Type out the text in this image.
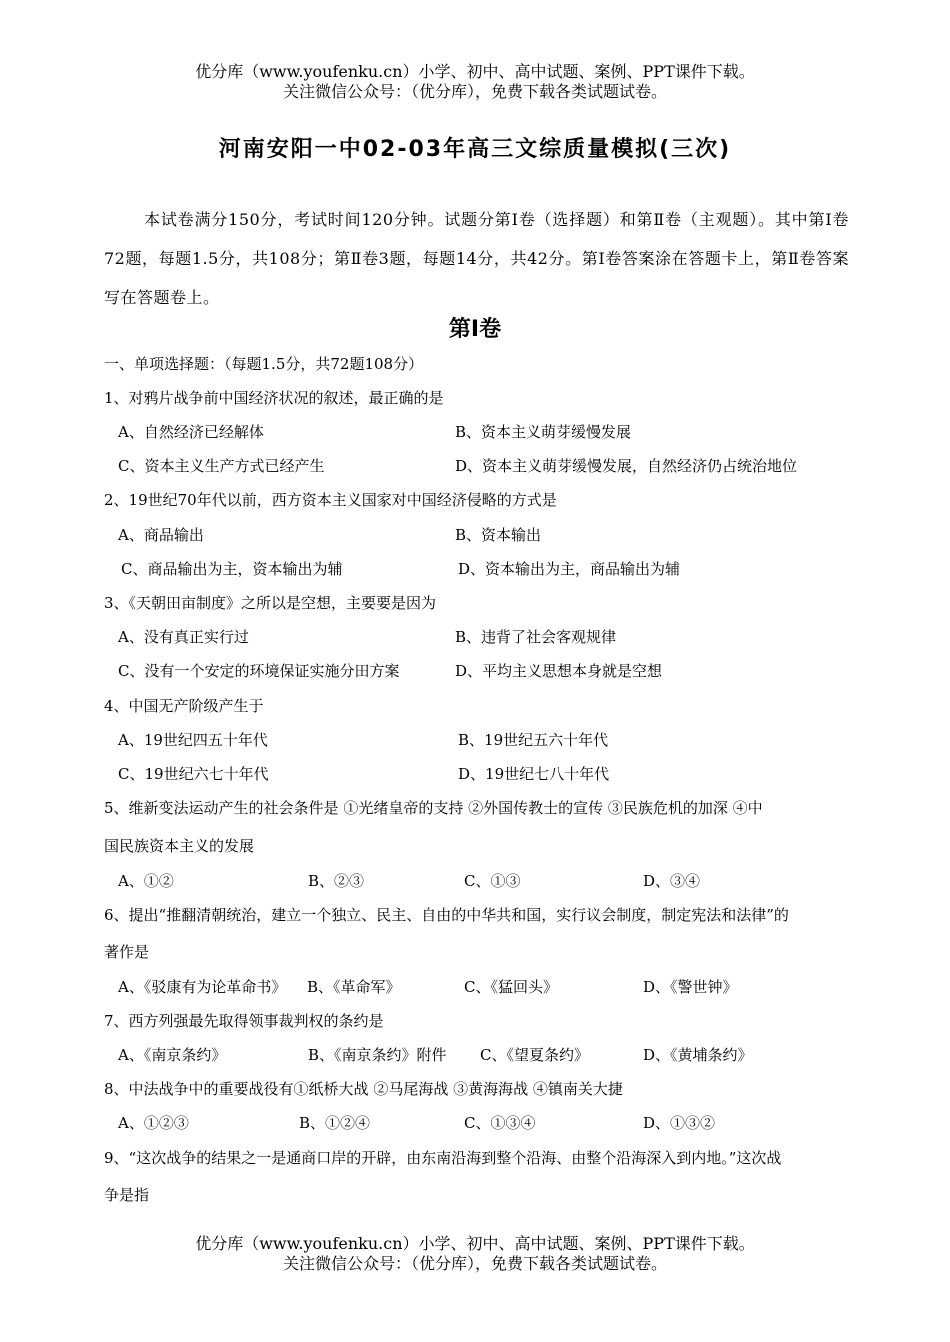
优分库（www.youfenku.cn）小学、初中、高中试题、案例、PPT课件下载。
关注微信公众号：（优分库），免费下载各类试题试卷。
河南安阳一中02-03年高三文综质量模拟(三次)
本试卷满分150分，考试时间120分钟。试题分第Ⅰ卷（选择题）和第Ⅱ卷（主观题）。其中第Ⅰ卷72题，每题1.5分，共108分；第Ⅱ卷3题，每题14分，共42分。第Ⅰ卷答案涂在答题卡上，第Ⅱ卷答案写在答题卷上。
第Ⅰ卷
一、单项选择题：（每题1.5分，共72题108分）
1、对鸦片战争前中国经济状况的叙述，最正确的是
A、自然经济已经解体	B、资本主义萌芽缓慢发展
C、资本主义生产方式已经产生	D、资本主义萌芽缓慢发展，自然经济仍占统治地位
2、19世纪70年代以前，西方资本主义国家对中国经济侵略的方式是
A、商品输出	B、资本输出
C、商品输出为主，资本输出为辅	D、资本输出为主，商品输出为辅
3、《天朝田亩制度》之所以是空想，主要要是因为
A、没有真正实行过	B、违背了社会客观规律
C、没有一个安定的环境保证实施分田方案	D、平均主义思想本身就是空想
4、中国无产阶级产生于
A、19世纪四五十年代	B、19世纪五六十年代
C、19世纪六七十年代	D、19世纪七八十年代
5、维新变法运动产生的社会条件是 ①光绪皇帝的支持 ②外国传教士的宣传 ③民族危机的加深 ④中
国民族资本主义的发展
A、①②	B、②③	C、①③	D、③④
6、提出“推翻清朝统治，建立一个独立、民主、自由的中华共和国，实行议会制度，制定宪法和法律”的
著作是
A、《驳康有为论革命书》 B、《革命军》	C、《猛回头》	D、《警世钟》
7、西方列强最先取得领事裁判权的条约是
A、《南京条约》	B、《南京条约》附件 C、《望夏条约》	D、《黄埔条约》
8、中法战争中的重要战役有①纸桥大战 ②马尾海战 ③黄海海战 ④镇南关大捷
A、①②③	B、①②④	C、①③④	D、①③②
9、“这次战争的结果之一是通商口岸的开辟，由东南沿海到整个沿海、由整个沿海深入到内地。”这次战
争是指
优分库（www.youfenku.cn）小学、初中、高中试题、案例、PPT课件下载。
关注微信公众号：（优分库），免费下载各类试题试卷。
